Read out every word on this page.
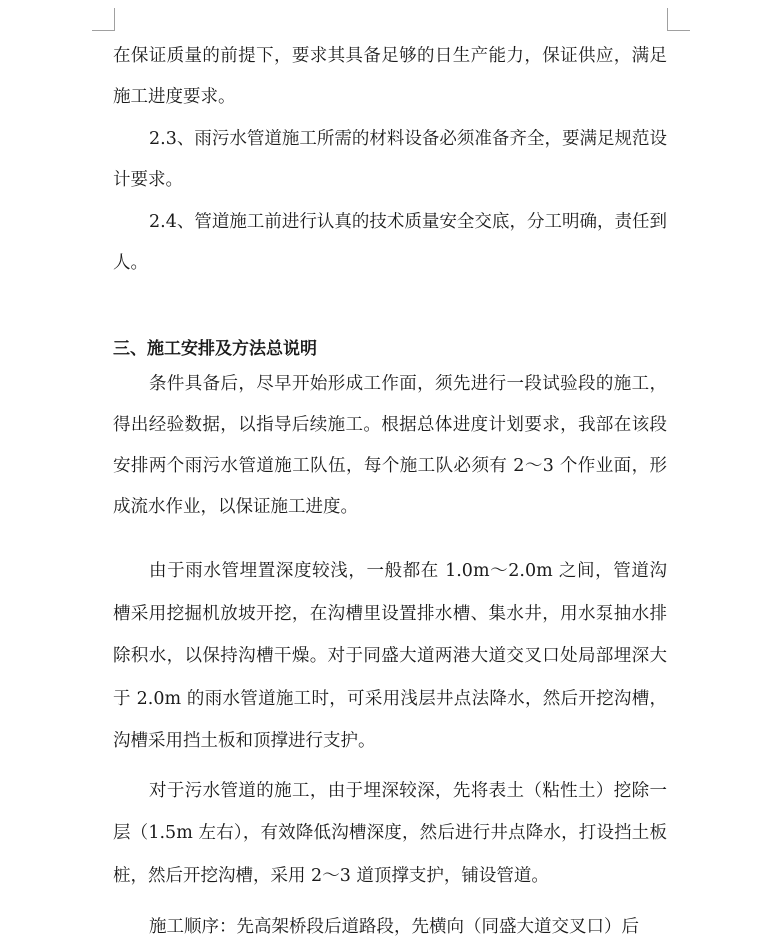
在保证质量的前提下，要求其具备足够的日生产能力，保证供应，满足施工进度要求。

2.3、雨污水管道施工所需的材料设备必须准备齐全，要满足规范设计要求。

2.4、管道施工前进行认真的技术质量安全交底，分工明确，责任到人。

三、施工安排及方法总说明

条件具备后，尽早开始形成工作面，须先进行一段试验段的施工，得出经验数据，以指导后续施工。根据总体进度计划要求，我部在该段安排两个雨污水管道施工队伍，每个施工队必须有 2～3 个作业面，形成流水作业，以保证施工进度。

由于雨水管埋置深度较浅，一般都在 1.0m～2.0m 之间，管道沟槽采用挖掘机放坡开挖，在沟槽里设置排水槽、集水井，用水泵抽水排除积水，以保持沟槽干燥。对于同盛大道两港大道交叉口处局部埋深大于 2.0m 的雨水管道施工时，可采用浅层井点法降水，然后开挖沟槽，沟槽采用挡土板和顶撑进行支护。

对于污水管道的施工，由于埋深较深，先将表土（粘性土）挖除一层（1.5m 左右），有效降低沟槽深度，然后进行井点降水，打设挡土板桩，然后开挖沟槽，采用 2～3 道顶撑支护，铺设管道。

施工顺序：先高架桥段后道路段，先横向（同盛大道交叉口）后
